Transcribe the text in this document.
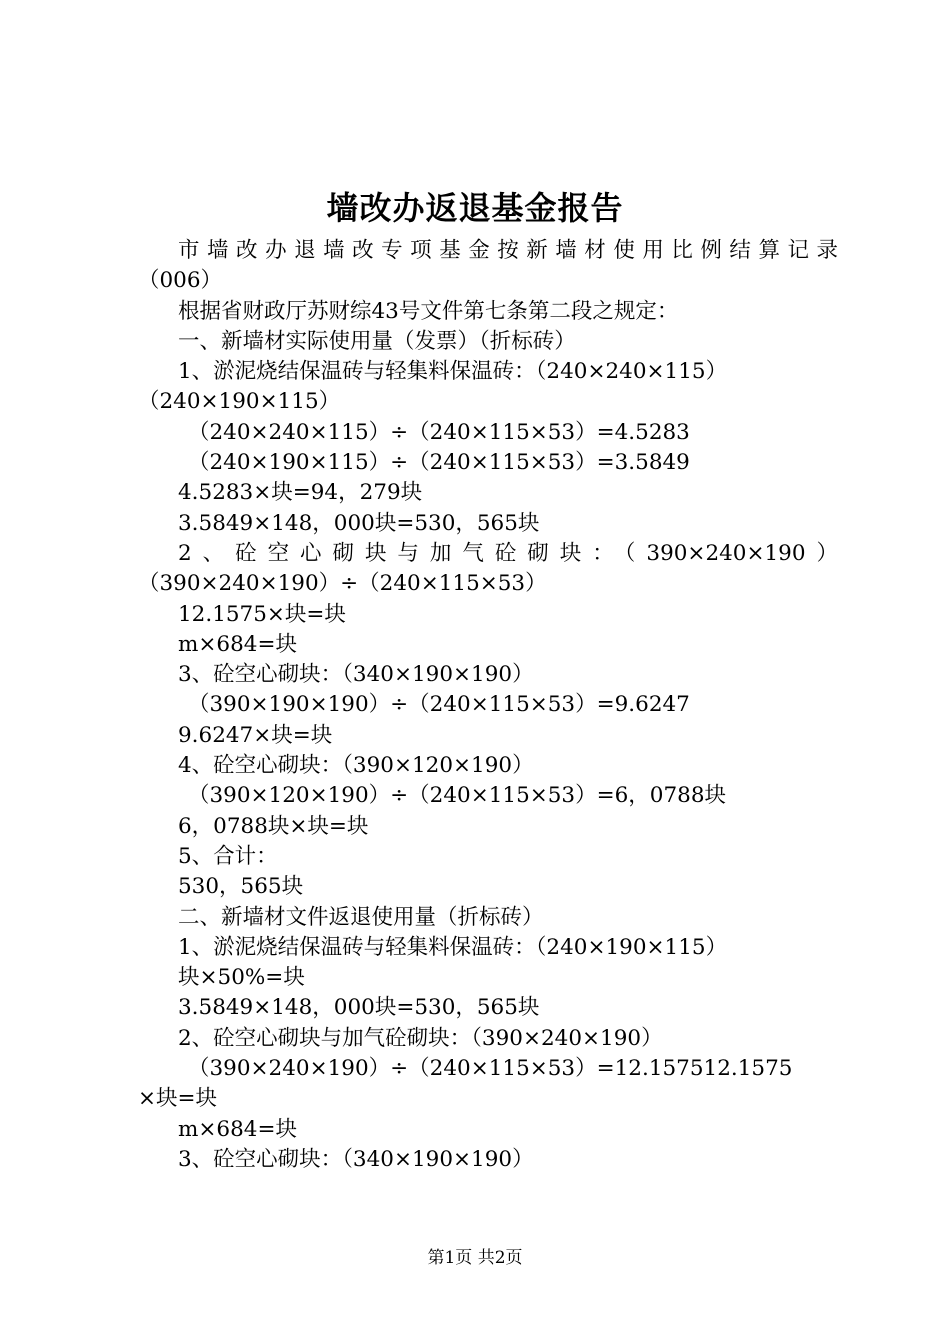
墙改办返退基金报告

市墙改办退墙改专项基金按新墙材使用比例结算记录

（006）

根据省财政厅苏财综43号文件第七条第二段之规定：

一、新墙材实际使用量（发票）（折标砖）

1、淤泥烧结保温砖与轻集料保温砖：（240×240×115）

（240×190×115）

（240×240×115）÷（240×115×53）=4.5283

（240×190×115）÷（240×115×53）=3.5849

4.5283×块=94，279块

3.5849×148，000块=530，565块

2、砼空心砌块与加气砼砌块：（390×240×190）

（390×240×190）÷（240×115×53）

12.1575×块=块

m×684=块

3、砼空心砌块：（340×190×190）

（390×190×190）÷（240×115×53）=9.6247

9.6247×块=块

4、砼空心砌块：（390×120×190）

（390×120×190）÷（240×115×53）=6，0788块

6，0788块×块=块

5、合计：

530，565块

二、新墙材文件返退使用量（折标砖）

1、淤泥烧结保温砖与轻集料保温砖：（240×190×115）

块×50%=块

3.5849×148，000块=530，565块

2、砼空心砌块与加气砼砌块：（390×240×190）

（390×240×190）÷（240×115×53）=12.157512.1575

×块=块

m×684=块

3、砼空心砌块：（340×190×190）

第1页 共2页
